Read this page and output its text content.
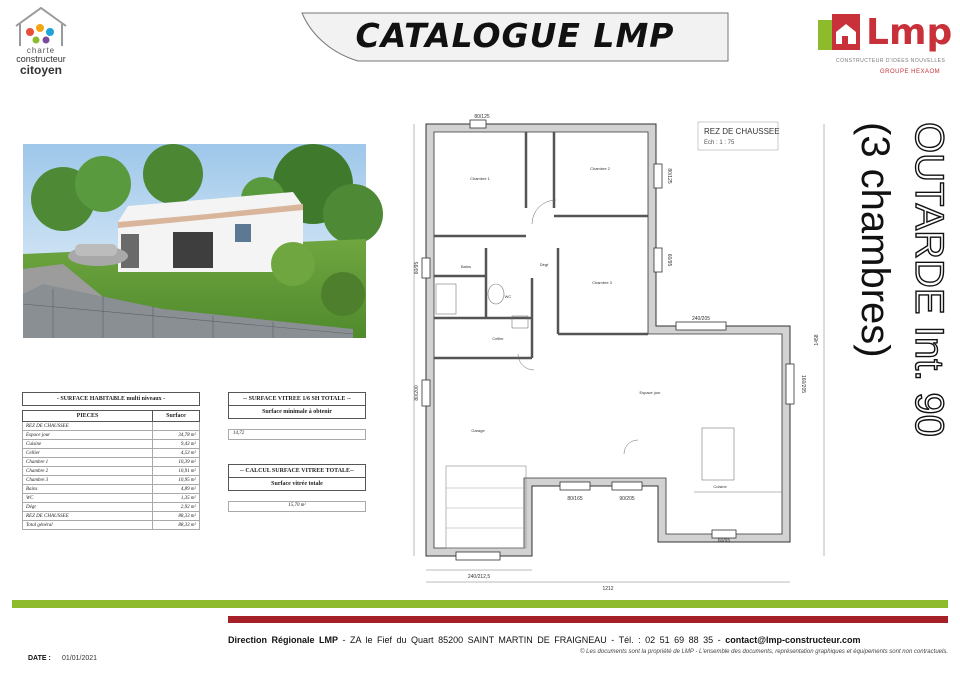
charte
constructeur
citoyen
CATALOGUE LMP	Lmp
CONSTRUCTEUR D'IDÉES NOUVELLES
GROUPE HEXAOM
- SURFACE HABITABLE multi niveaux -
PIECES	Surface
REZ DE CHAUSSEE	
Espace jour	34,78 m²
Cuisine	9,43 m²
Cellier	4,53 m²
Chambre 1	10,39 m²
Chambre 2	10,91 m²
Chambre 3	10,95 m²
Bains	4,89 m²
WC	1,35 m²
Dégt	2,92 m²
REZ DE CHAUSSEE	88,33 m²
Total général	88,33 m²
-- SURFACE VITREE 1/6 SH TOTALE --
Surface minimale à obtenir
14,72
-- CALCUL SURFACE VITREE TOTALE--
Surface vitrée totale
15,70 m²
Chambre 1
Chambre 2
Chambre 3
Bains
WC
Dégt
Cellier
Garage
Espace jour
Cuisine
80/125
80/125
60/95
60/95
240/205
160/205
80/200
80/165	90/205
60/95
240/212,5
1212
1458
REZ DE CHAUSSEE
Ech : 1 : 75	OUTARDE Int. 90
(3 chambres)
Direction Régionale LMP - ZA le Fief du Quart 85200 SAINT MARTIN DE FRAIGNEAU - Tél. : 02 51 69 88 35 - contact@lmp-constructeur.com
© Les documents sont la propriété de LMP - L'ensemble des documents, représentation graphiques et équipements sont non contractuels.
DATE : 01/01/2021
